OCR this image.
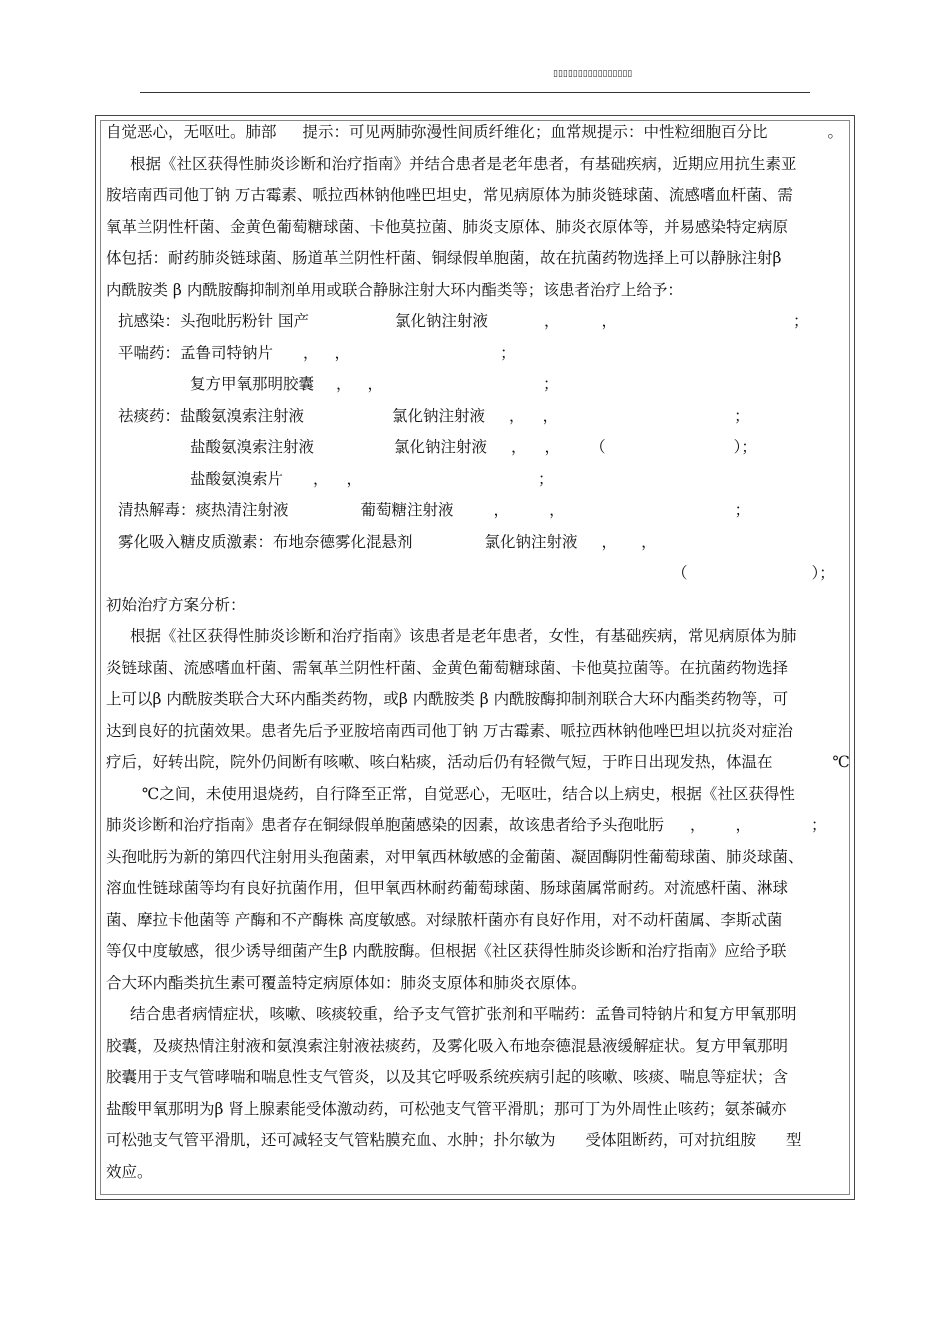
▯▯▯▯▯▯▯▯▯▯▯▯▯▯▯▯
自觉恶心，无呕吐。肺部 提示：可见两肺弥漫性间质纤维化；血常规提示：中性粒细胞百分比	。
根据《社区获得性肺炎诊断和治疗指南》并结合患者是老年患者，有基础疾病，近期应用抗生素亚
胺培南西司他丁钠 万古霉素、哌拉西林钠他唑巴坦史，常见病原体为肺炎链球菌、流感嗜血杆菌、需
氧革兰阴性杆菌、金黄色葡萄糖球菌、卡他莫拉菌、肺炎支原体、肺炎衣原体等，并易感染特定病原
体包括：耐药肺炎链球菌、肠道革兰阴性杆菌、铜绿假单胞菌，故在抗菌药物选择上可以静脉注射β
内酰胺类 β 内酰胺酶抑制剂单用或联合静脉注射大环内酯类等；该患者治疗上给予：
抗感染：头孢吡肟粉针 国产	氯化钠注射液	，	，	；
平喘药：孟鲁司特钠片 ， ，	；
复方甲氧那明胶囊 ， ，	；
祛痰药：盐酸氨溴索注射液	氯化钠注射液 ， ，	；
盐酸氨溴索注射液	氯化钠注射液 ， ， （	）；
盐酸氨溴索片 ， ，	；
清热解毒：痰热清注射液	葡萄糖注射液	，	，	；
雾化吸入糖皮质激素：布地奈德雾化混悬剂	氯化钠注射液 ， ，
（	）；
初始治疗方案分析：
根据《社区获得性肺炎诊断和治疗指南》该患者是老年患者，女性，有基础疾病，常见病原体为肺
炎链球菌、流感嗜血杆菌、需氧革兰阴性杆菌、金黄色葡萄糖球菌、卡他莫拉菌等。在抗菌药物选择
上可以β 内酰胺类联合大环内酯类药物，或β 内酰胺类 β 内酰胺酶抑制剂联合大环内酯类药物等，可
达到良好的抗菌效果。患者先后予亚胺培南西司他丁钠 万古霉素、哌拉西林钠他唑巴坦以抗炎对症治
疗后，好转出院，院外仍间断有咳嗽、咳白粘痰，活动后仍有轻微气短，于昨日出现发热，体温在	℃
℃之间，未使用退烧药，自行降至正常，自觉恶心，无呕吐，结合以上病史，根据《社区获得性
肺炎诊断和治疗指南》患者存在铜绿假单胞菌感染的因素，故该患者给予头孢吡肟 ， ，	；
头孢吡肟为新的第四代注射用头孢菌素，对甲氧西林敏感的金葡菌、凝固酶阴性葡萄球菌、肺炎球菌、
溶血性链球菌等均有良好抗菌作用，但甲氧西林耐药葡萄球菌、肠球菌属常耐药。对流感杆菌、淋球
菌、摩拉卡他菌等 产酶和不产酶株 高度敏感。对绿脓杆菌亦有良好作用，对不动杆菌属、李斯忒菌
等仅中度敏感，很少诱导细菌产生β 内酰胺酶。但根据《社区获得性肺炎诊断和治疗指南》应给予联
合大环内酯类抗生素可覆盖特定病原体如：肺炎支原体和肺炎衣原体。
结合患者病情症状，咳嗽、咳痰较重，给予支气管扩张剂和平喘药：孟鲁司特钠片和复方甲氧那明
胶囊，及痰热情注射液和氨溴索注射液祛痰药，及雾化吸入布地奈德混悬液缓解症状。复方甲氧那明
胶囊用于支气管哮喘和喘息性支气管炎，以及其它呼吸系统疾病引起的咳嗽、咳痰、喘息等症状；含
盐酸甲氧那明为β 肾上腺素能受体激动药，可松弛支气管平滑肌；那可丁为外周性止咳药；氨茶碱亦
可松弛支气管平滑肌，还可减轻支气管粘膜充血、水肿；扑尔敏为 受体阻断药，可对抗组胺 型
效应。
